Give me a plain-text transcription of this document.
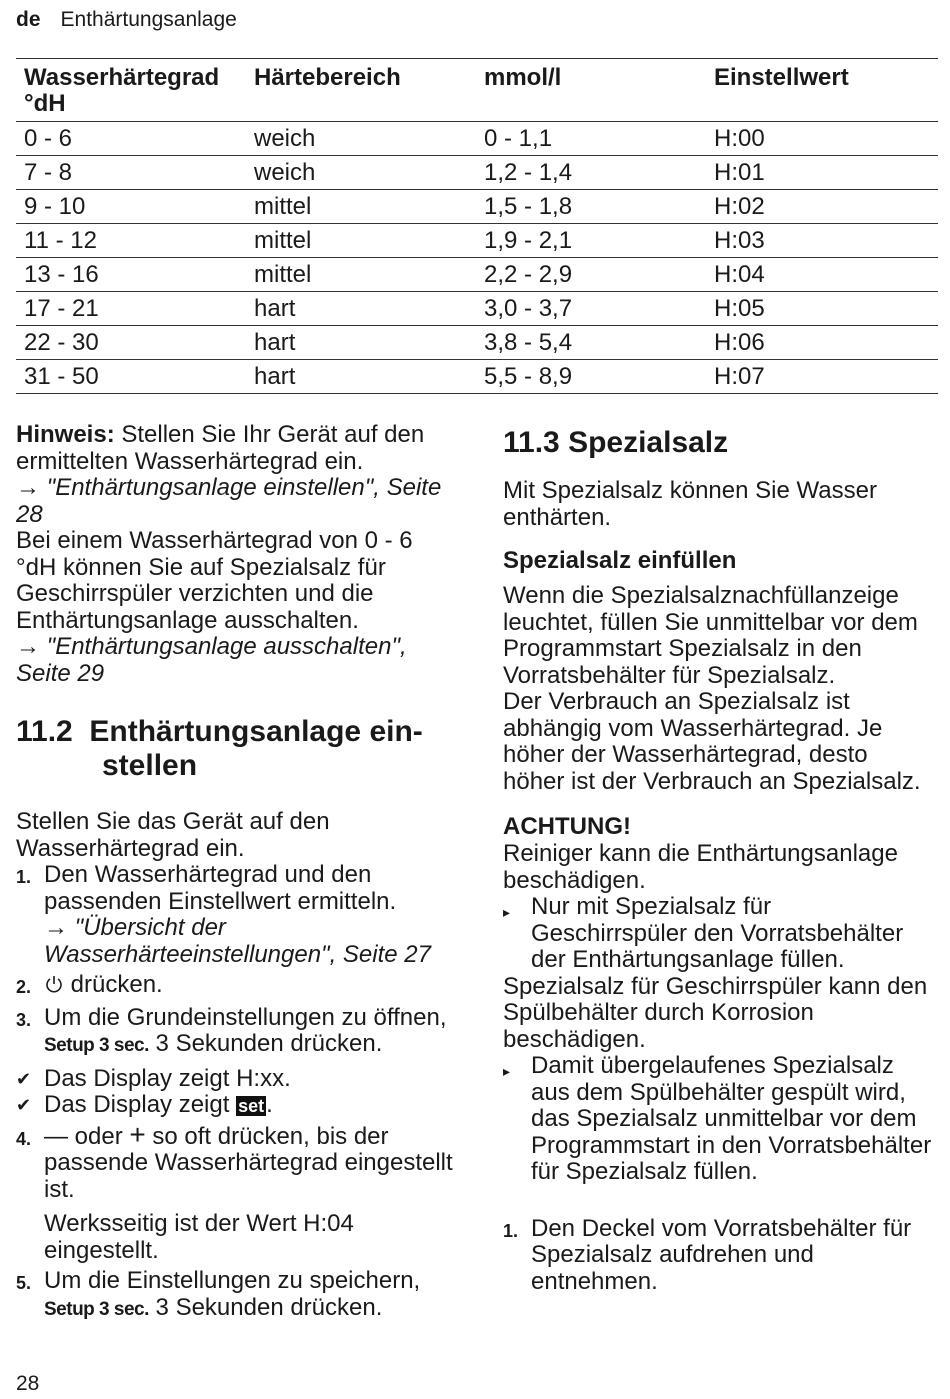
de Enthärtungsanlage
Wasserhärtegrad °dH	Härtebereich	mmol/l	Einstellwert
0 - 6	weich	0 - 1,1	H:00
7 - 8	weich	1,2 - 1,4	H:01
9 - 10	mittel	1,5 - 1,8	H:02
11 - 12	mittel	1,9 - 2,1	H:03
13 - 16	mittel	2,2 - 2,9	H:04
17 - 21	hart	3,0 - 3,7	H:05
22 - 30	hart	3,8 - 5,4	H:06
31 - 50	hart	5,5 - 8,9	H:07

Hinweis: Stellen Sie Ihr Gerät auf den ermittelten Wasserhärtegrad ein.

→ "Enthärtungsanlage einstellen", Seite 28

Bei einem Wasserhärtegrad von 0 - 6 °dH können Sie auf Spezialsalz für Geschirrspüler verzichten und die Enthärtungsanlage ausschalten.

→ "Enthärtungsanlage ausschalten", Seite 29

11.2  Enthärtungsanlage ein-
stellen

Stellen Sie das Gerät auf den Wasserhärtegrad ein.

1. Den Wasserhärtegrad und den passenden Einstellwert ermitteln.
→ "Übersicht der Wasserhärteeinstellungen", Seite 27
2.	drücken.
3. Um die Grundeinstellungen zu öffnen, Setup 3 sec. 3 Sekunden drücken.
✔ Das Display zeigt H:xx.
✔ Das Display zeigt set.
4. — oder + so oft drücken, bis der passende Wasserhärtegrad eingestellt ist.

Werksseitig ist der Wert H:04 eingestellt.

5. Um die Einstellungen zu speichern, Setup 3 sec. 3 Sekunden drücken.
11.3 Spezialsalz

Mit Spezialsalz können Sie Wasser enthärten.

Spezialsalz einfüllen

Wenn die Spezialsalznachfüllanzeige leuchtet, füllen Sie unmittelbar vor dem Programmstart Spezialsalz in den Vorratsbehälter für Spezialsalz.

Der Verbrauch an Spezialsalz ist abhängig vom Wasserhärtegrad. Je höher der Wasserhärtegrad, desto höher ist der Verbrauch an Spezialsalz.

ACHTUNG!

Reiniger kann die Enthärtungsanlage beschädigen.

▸ Nur mit Spezialsalz für Geschirrspüler den Vorratsbehälter der Enthärtungsanlage füllen.

Spezialsalz für Geschirrspüler kann den Spülbehälter durch Korrosion beschädigen.

▸ Damit übergelaufenes Spezialsalz aus dem Spülbehälter gespült wird, das Spezialsalz unmittelbar vor dem Programmstart in den Vorratsbehälter für Spezialsalz füllen.
1. Den Deckel vom Vorratsbehälter für Spezialsalz aufdrehen und entnehmen.
28
